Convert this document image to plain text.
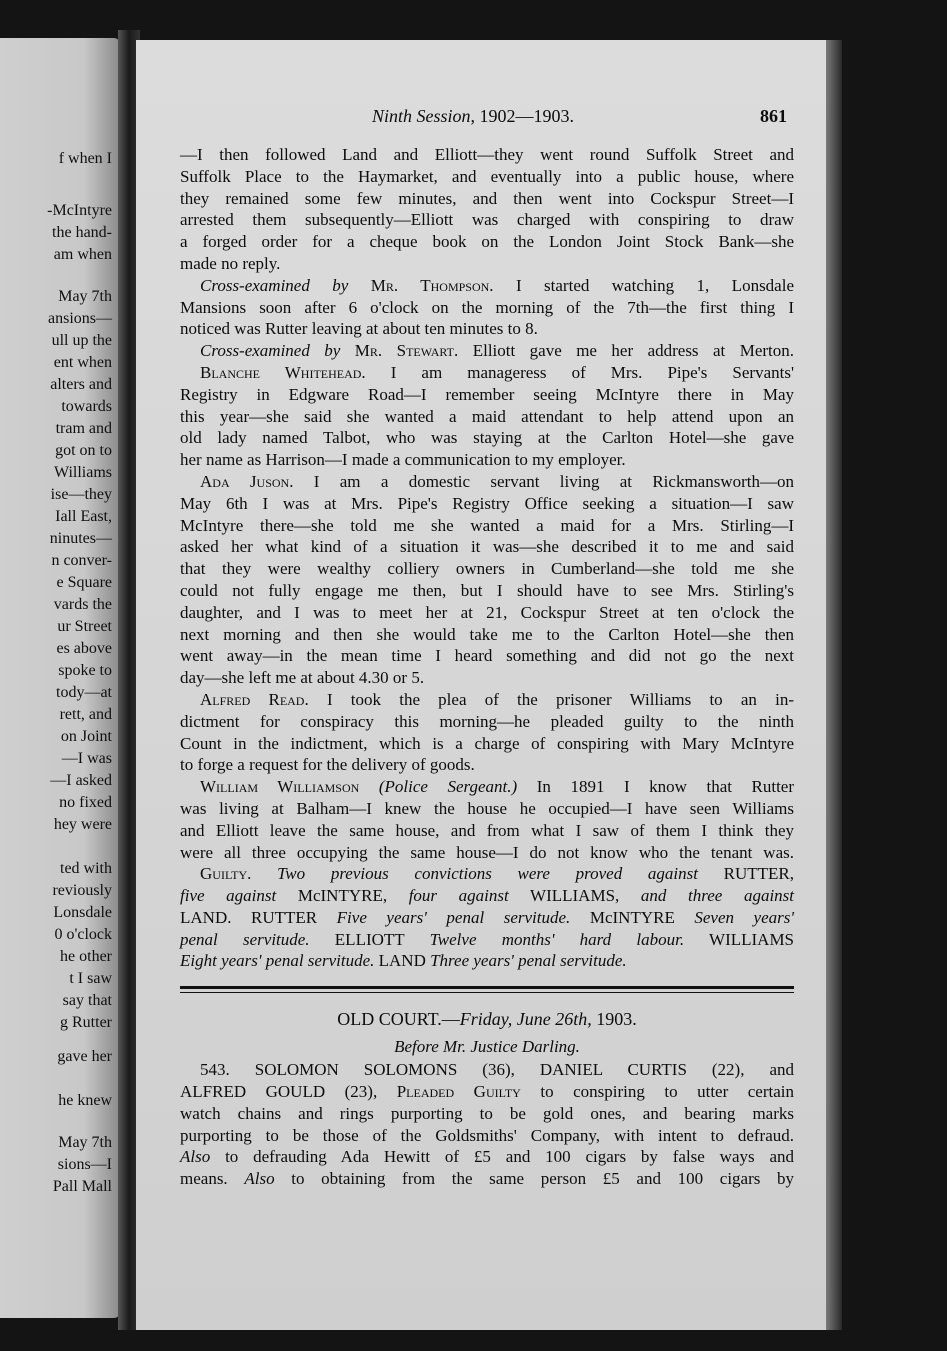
f when I
-McIntyre
the hand-
am when
May 7th
ansions—
ull up the
ent when
alters and
towards
tram and
got on to
Williams
ise—they
Iall East,
ninutes—
n conver-
e Square
vards the
ur Street
es above
spoke to
tody—at
rett, and
on Joint
—I was
—I asked
no fixed
hey were
ted with
reviously
Lonsdale
0 o'clock
he other
t I saw
say that
g Rutter
gave her
he knew
May 7th
sions—I
Pall Mall
Ninth Session, 1902—1903.	861
—I then followed Land and Elliott—they went round Suffolk Street and
Suffolk Place to the Haymarket, and eventually into a public house, where
they remained some few minutes, and then went into Cockspur Street—I
arrested them subsequently—Elliott was charged with conspiring to draw
a forged order for a cheque book on the London Joint Stock Bank—she
made no reply.
Cross-examined by Mr. Thompson. I started watching 1, Lonsdale
Mansions soon after 6 o'clock on the morning of the 7th—the first thing I
noticed was Rutter leaving at about ten minutes to 8.
Cross-examined by Mr. Stewart. Elliott gave me her address at Merton.
Blanche Whitehead. I am manageress of Mrs. Pipe's Servants'
Registry in Edgware Road—I remember seeing McIntyre there in May
this year—she said she wanted a maid attendant to help attend upon an
old lady named Talbot, who was staying at the Carlton Hotel—she gave
her name as Harrison—I made a communication to my employer.
Ada Juson. I am a domestic servant living at Rickmansworth—on
May 6th I was at Mrs. Pipe's Registry Office seeking a situation—I saw
McIntyre there—she told me she wanted a maid for a Mrs. Stirling—I
asked her what kind of a situation it was—she described it to me and said
that they were wealthy colliery owners in Cumberland—she told me she
could not fully engage me then, but I should have to see Mrs. Stirling's
daughter, and I was to meet her at 21, Cockspur Street at ten o'clock the
next morning and then she would take me to the Carlton Hotel—she then
went away—in the mean time I heard something and did not go the next
day—she left me at about 4.30 or 5.
Alfred Read. I took the plea of the prisoner Williams to an in-
dictment for conspiracy this morning—he pleaded guilty to the ninth
Count in the indictment, which is a charge of conspiring with Mary McIntyre
to forge a request for the delivery of goods.
William Williamson (Police Sergeant.) In 1891 I know that Rutter
was living at Balham—I knew the house he occupied—I have seen Williams
and Elliott leave the same house, and from what I saw of them I think they
were all three occupying the same house—I do not know who the tenant was.
Guilty. Two previous convictions were proved against RUTTER,
five against McINTYRE, four against WILLIAMS, and three against
LAND. RUTTER Five years' penal servitude. McINTYRE Seven years'
penal servitude. ELLIOTT Twelve months' hard labour. WILLIAMS
Eight years' penal servitude. LAND Three years' penal servitude.
OLD COURT.—Friday, June 26th, 1903.
Before Mr. Justice Darling.
543. SOLOMON SOLOMONS (36), DANIEL CURTIS (22), and
ALFRED GOULD (23), Pleaded Guilty to conspiring to utter certain
watch chains and rings purporting to be gold ones, and bearing marks
purporting to be those of the Goldsmiths' Company, with intent to defraud.
Also to defrauding Ada Hewitt of £5 and 100 cigars by false ways and
means. Also to obtaining from the same person £5 and 100 cigars by
